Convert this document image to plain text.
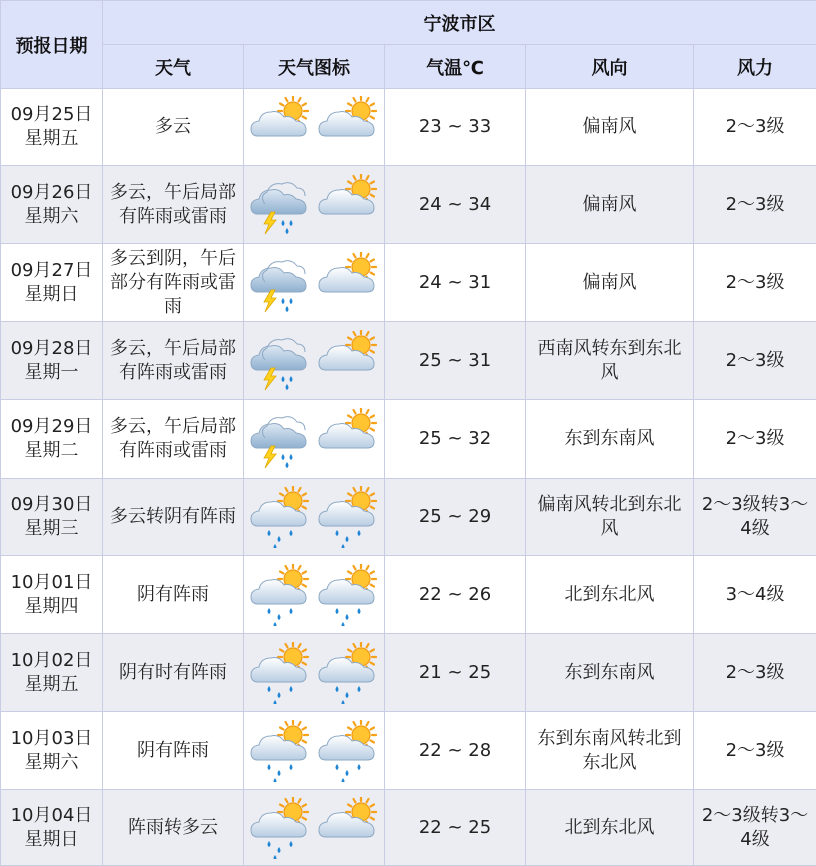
预报日期	宁波市区				
	天气	天气图标	气温℃	风向	风力

09月25日
星期五	多云		23 ~ 33	偏南风	2～3级

09月26日
星期六	多云，午后局部有阵雨或雷雨		24 ~ 34	偏南风	2～3级

09月27日
星期日	多云到阴，午后部分有阵雨或雷雨		24 ~ 31	偏南风	2～3级

09月28日
星期一	多云，午后局部有阵雨或雷雨		25 ~ 31	西南风转东到东北风	2～3级

09月29日
星期二	多云，午后局部有阵雨或雷雨		25 ~ 32	东到东南风	2～3级

09月30日
星期三	多云转阴有阵雨		25 ~ 29	偏南风转北到东北风	2～3级转3～4级

10月01日
星期四	阴有阵雨		22 ~ 26	北到东北风	3～4级

10月02日
星期五	阴有时有阵雨		21 ~ 25	东到东南风	2～3级

10月03日
星期六	阴有阵雨		22 ~ 28	东到东南风转北到东北风	2～3级

10月04日
星期日	阵雨转多云		22 ~ 25	北到东北风	2～3级转3～4级
